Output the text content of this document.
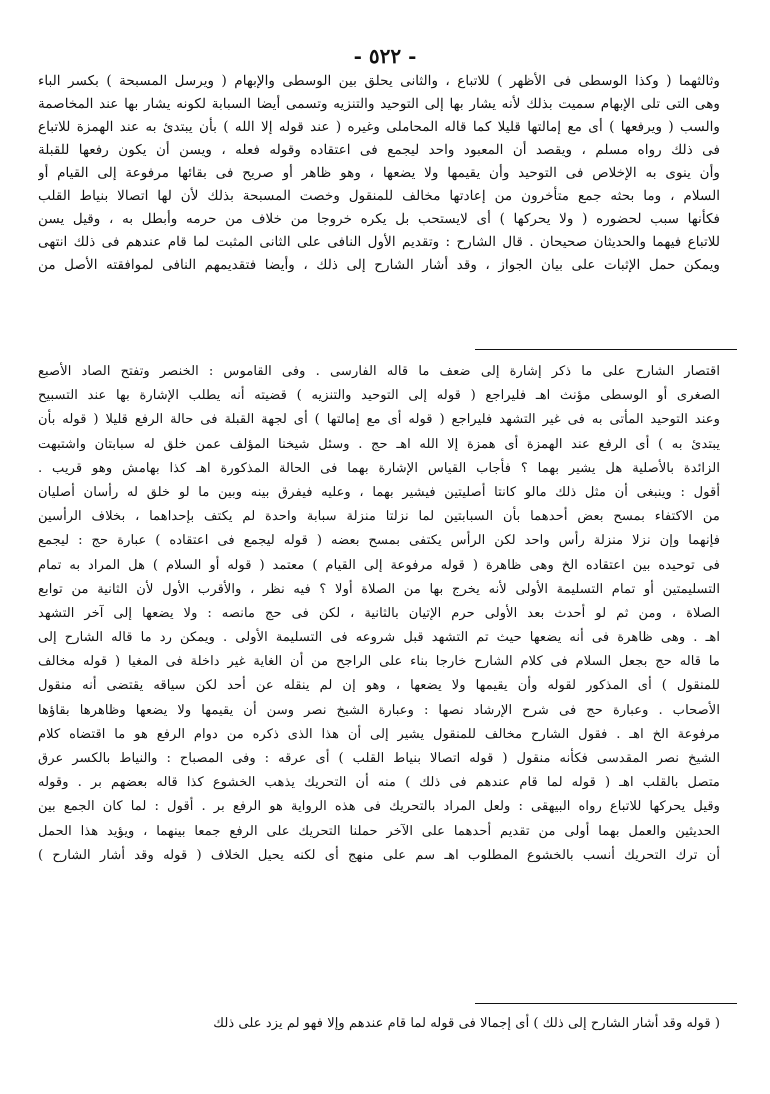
- ٥٢٢ -
وثالثهما ( وكذا الوسطى فى الأظهر ) للاتباع ، والثانى يحلق بين الوسطى والإبهام ( ويرسل المسبحة ) بكسر الباء
وهى التى تلى الإبهام سميت بذلك لأنه يشار بها إلى التوحيد والتنزيه وتسمى أيضا السبابة لكونه يشار بها عند المخاصمة
والسب ( ويرفعها ) أى مع إمالتها قليلا كما قاله المحاملى وغيره ( عند قوله إلا الله ) بأن يبتدئ به عند الهمزة للاتباع
فى ذلك رواه مسلم ، ويقصد أن المعبود واحد ليجمع فى اعتقاده وقوله فعله ، ويسن أن يكون رفعها للقبلة
وأن ينوى به الإخلاص فى التوحيد وأن يقيمها ولا يضعها ، وهو ظاهر أو صريح فى بقائها مرفوعة إلى القيام أو
السلام ، وما بحثه جمع متأخرون من إعادتها مخالف للمنقول وخصت المسبحة بذلك لأن لها اتصالا بنياط القلب
فكأنها سبب لحضوره ( ولا يحركها ) أى لايستحب بل يكره خروجا من خلاف من حرمه وأبطل به ، وقيل يسن
للاتباع فيهما والحديثان صحيحان . قال الشارح : وتقديم الأول النافى على الثانى المثبت لما قام عندهم فى ذلك انتهى
ويمكن حمل الإثبات على بيان الجواز ، وقد أشار الشارح إلى ذلك ، وأيضا فتقديمهم النافى لموافقته الأصل من
اقتصار الشارح على ما ذكر إشارة إلى ضعف ما قاله الفارسى . وفى القاموس : الخنصر وتفتح الصاد الأصبع
الصغرى أو الوسطى مؤنث اهـ فليراجع ( قوله إلى التوحيد والتنزيه ) قضيته أنه يطلب الإشارة بها عند التسبيح
وعند التوحيد المأتى به فى غير التشهد فليراجع ( قوله أى مع إمالتها ) أى لجهة القبلة فى حالة الرفع قليلا ( قوله بأن
يبتدئ به ) أى الرفع عند الهمزة أى همزة إلا الله اهـ حج . وسئل شيخنا المؤلف عمن خلق له سبابتان واشتبهت
الزائدة بالأصلية هل يشير بهما ؟ فأجاب القياس الإشارة بهما فى الحالة المذكورة اهـ كذا بهامش وهو قريب .
أقول : وينبغى أن مثل ذلك مالو كانتا أصليتين فيشير بهما ، وعليه فيفرق بينه وبين ما لو خلق له رأسان أصليان
من الاكتفاء بمسح بعض أحدهما بأن السبابتين لما نزلتا منزلة سبابة واحدة لم يكتف بإحداهما ، بخلاف الرأسين
فإنهما وإن نزلا منزلة رأس واحد لكن الرأس يكتفى بمسح بعضه ( قوله ليجمع فى اعتقاده ) عبارة حج : ليجمع
فى توحيده بين اعتقاده الخ وهى ظاهرة ( قوله مرفوعة إلى القيام ) معتمد ( قوله أو السلام ) هل المراد به تمام
التسليمتين أو تمام التسليمة الأولى لأنه يخرج بها من الصلاة أولا ؟ فيه نظر ، والأقرب الأول لأن الثانية من توابع
الصلاة ، ومن ثم لو أحدث بعد الأولى حرم الإتيان بالثانية ، لكن فى حج مانصه : ولا يضعها إلى آخر التشهد
اهـ . وهى ظاهرة فى أنه يضعها حيث تم التشهد قبل شروعه فى التسليمة الأولى . ويمكن رد ما قاله الشارح إلى
ما قاله حج بجعل السلام فى كلام الشارح خارجا بناء على الراجح من أن الغاية غير داخلة فى المغيا ( قوله مخالف
للمنقول ) أى المذكور لقوله وأن يقيمها ولا يضعها ، وهو إن لم ينقله عن أحد لكن سياقه يقتضى أنه منقول
الأصحاب . وعبارة حج فى شرح الإرشاد نصها : وعبارة الشيخ نصر وسن أن يقيمها ولا يضعها وظاهرها بقاؤها
مرفوعة الخ اهـ . فقول الشارح مخالف للمنقول يشير إلى أن هذا الذى ذكره من دوام الرفع هو ما اقتضاه كلام
الشيخ نصر المقدسى فكأنه منقول ( قوله اتصالا بنياط القلب ) أى عرقه : وفى المصباح : والنياط بالكسر عرق
متصل بالقلب اهـ ( قوله لما قام عندهم فى ذلك ) منه أن التحريك يذهب الخشوع كذا قاله بعضهم بر . وقوله
وقيل يحركها للاتباع رواه البيهقى : ولعل المراد بالتحريك فى هذه الرواية هو الرفع بر . أقول : لما كان الجمع بين
الحديثين والعمل بهما أولى من تقديم أحدهما على الآخر حملنا التحريك على الرفع جمعا بينهما ، ويؤيد هذا الحمل
أن ترك التحريك أنسب بالخشوع المطلوب اهـ سم على منهج أى لكنه يحيل الخلاف ( قوله وقد أشار الشارح )
( قوله وقد أشار الشارح إلى ذلك ) أى إجمالا فى قوله لما قام عندهم وإلا فهو لم يزد على ذلك
